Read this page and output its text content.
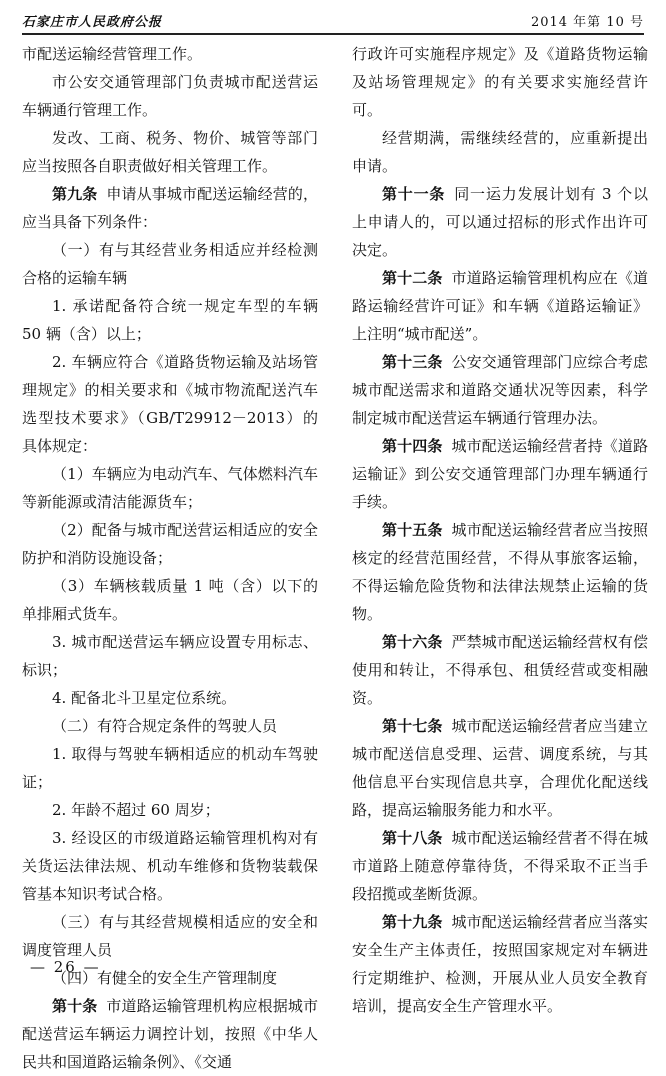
石家庄市人民政府公报	2014 年第 10 号

市配送运输经营管理工作。

市公安交通管理部门负责城市配送营运车辆通行管理工作。

发改、工商、税务、物价、城管等部门应当按照各自职责做好相关管理工作。

第九条 申请从事城市配送运输经营的，应当具备下列条件：

（一）有与其经营业务相适应并经检测合格的运输车辆

1. 承诺配备符合统一规定车型的车辆 50 辆（含）以上；

2. 车辆应符合《道路货物运输及站场管理规定》的相关要求和《城市物流配送汽车选型技术要求》（GB/T29912－2013）的具体规定：

（1）车辆应为电动汽车、气体燃料汽车等新能源或清洁能源货车；

（2）配备与城市配送营运相适应的安全防护和消防设施设备；

（3）车辆核载质量 1 吨（含）以下的单排厢式货车。

3. 城市配送营运车辆应设置专用标志、标识；

4. 配备北斗卫星定位系统。

（二）有符合规定条件的驾驶人员

1. 取得与驾驶车辆相适应的机动车驾驶证；

2. 年龄不超过 60 周岁；

3. 经设区的市级道路运输管理机构对有关货运法律法规、机动车维修和货物装载保管基本知识考试合格。

（三）有与其经营规模相适应的安全和调度管理人员

（四）有健全的安全生产管理制度

第十条 市道路运输管理机构应根据城市配送营运车辆运力调控计划，按照《中华人民共和国道路运输条例》、《交通

行政许可实施程序规定》及《道路货物运输及站场管理规定》的有关要求实施经营许可。

经营期满，需继续经营的，应重新提出申请。

第十一条 同一运力发展计划有 3 个以上申请人的，可以通过招标的形式作出许可决定。

第十二条 市道路运输管理机构应在《道路运输经营许可证》和车辆《道路运输证》上注明“城市配送”。

第十三条 公安交通管理部门应综合考虑城市配送需求和道路交通状况等因素，科学制定城市配送营运车辆通行管理办法。

第十四条 城市配送运输经营者持《道路运输证》到公安交通管理部门办理车辆通行手续。

第十五条 城市配送运输经营者应当按照核定的经营范围经营，不得从事旅客运输，不得运输危险货物和法律法规禁止运输的货物。

第十六条 严禁城市配送运输经营权有偿使用和转让，不得承包、租赁经营或变相融资。

第十七条 城市配送运输经营者应当建立城市配送信息受理、运营、调度系统，与其他信息平台实现信息共享，合理优化配送线路，提高运输服务能力和水平。

第十八条 城市配送运输经营者不得在城市道路上随意停靠待货，不得采取不正当手段招揽或垄断货源。

第十九条 城市配送运输经营者应当落实安全生产主体责任，按照国家规定对车辆进行定期维护、检测，开展从业人员安全教育培训，提高安全生产管理水平。

— 26 —
